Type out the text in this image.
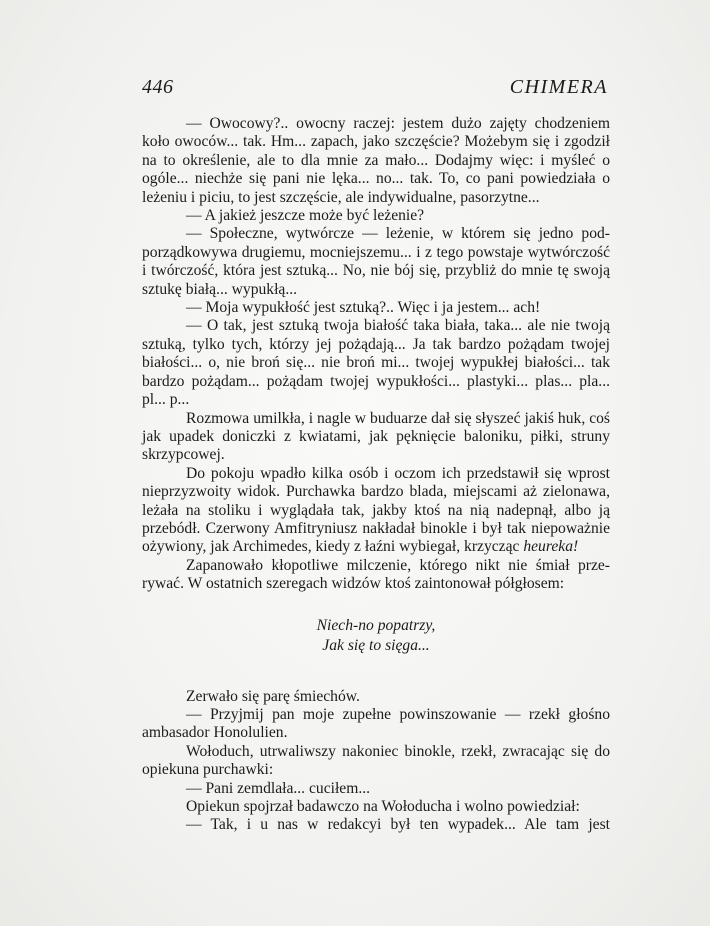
446	CHIMERA

— Owocowy?.. owocny raczej: jestem dużo zajęty chodzeniem koło owoców... tak. Hm... zapach, jako szczęście? Możebym się i zgodził na to określenie, ale to dla mnie za mało... Dodajmy więc: i myśleć o ogóle... niechże się pani nie lęka... no... tak. To, co pani powiedziała o leżeniu i piciu, to jest szczęście, ale indywidualne, pasorzytne...

— A jakież jeszcze może być leżenie?

— Społeczne, wytwórcze — leżenie, w którem się jedno podporządkowywa drugiemu, mocniejszemu... i z tego powstaje wytwórczość i twórczość, która jest sztuką... No, nie bój się, przybliż do mnie tę swoją sztukę białą... wypukłą...

— Moja wypukłość jest sztuką?.. Więc i ja jestem... ach!

— O tak, jest sztuką twoja białość taka biała, taka... ale nie twoją sztuką, tylko tych, którzy jej pożądają... Ja tak bardzo pożądam twojej białości... o, nie broń się... nie broń mi... twojej wypukłej białości... tak bardzo pożądam... pożądam twojej wypukłości... plastyki... plas... pla... pl... p...

Rozmowa umilkła, i nagle w buduarze dał się słyszeć jakiś huk, coś jak upadek doniczki z kwiatami, jak pęknięcie baloniku, piłki, struny skrzypcowej.

Do pokoju wpadło kilka osób i oczom ich przedstawił się wprost nieprzyzwoity widok. Purchawka bardzo blada, miejscami aż zielonawa, leżała na stoliku i wyglądała tak, jakby ktoś na nią nadepnął, albo ją przebódł. Czerwony Amfitryniusz nakładał binokle i był tak niepoważnie ożywiony, jak Archimedes, kiedy z łaźni wybiegał, krzycząc heureka!

Zapanowało kłopotliwe milczenie, którego nikt nie śmiał przerywać. W ostatnich szeregach widzów ktoś zaintonował półgłosem:

Niech-no popatrzy,
Jak się to sięga...

Zerwało się parę śmiechów.

— Przyjmij pan moje zupełne powinszowanie — rzekł głośno ambasador Honolulien.

Wołoduch, utrwaliwszy nakoniec binokle, rzekł, zwracając się do opiekuna purchawki:

— Pani zemdlała... cuciłem...

Opiekun spojrzał badawczo na Wołoducha i wolno powiedział:

— Tak, i u nas w redakcyi był ten wypadek... Ale tam jest
